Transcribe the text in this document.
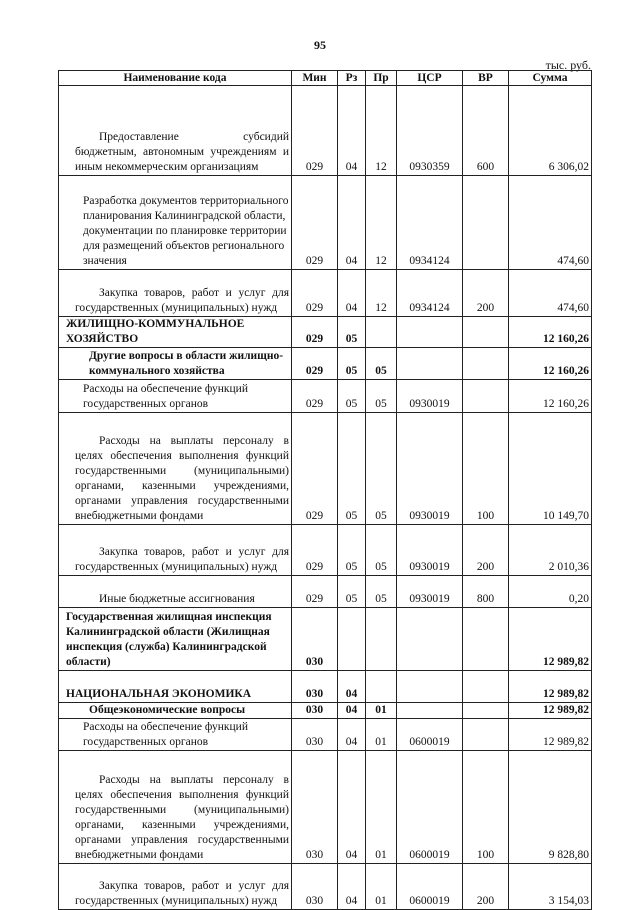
95
тыс. руб.
Наименование кода	Мин	Рз	Пр	ЦСР	ВР	Сумма

Предоставление субсидий бюджетным, автономным учреждениям и иным некоммерческим организациям	029	04	12	0930359	600	6 306,02

Разработка документов территориального планирования Калининградской области, документации по планировке территории для размещений объектов регионального значения	029	04	12	0934124		474,60

Закупка товаров, работ и услуг для государственных (муниципальных) нужд	029	04	12	0934124	200	474,60

ЖИЛИЩНО-КОММУНАЛЬНОЕ ХОЗЯЙСТВО	029	05				12 160,26

Другие вопросы в области жилищно-коммунального хозяйства	029	05	05			12 160,26

Расходы на обеспечение функций государственных органов	029	05	05	0930019		12 160,26

Расходы на выплаты персоналу в целях обеспечения выполнения функций государственными (муниципальными) органами, казенными учреждениями, органами управления государственными внебюджетными фондами	029	05	05	0930019	100	10 149,70

Закупка товаров, работ и услуг для государственных (муниципальных) нужд	029	05	05	0930019	200	2 010,36

Иные бюджетные ассигнования	029	05	05	0930019	800	0,20

Государственная жилищная инспекция Калининградской области (Жилищная инспекция (служба) Калининградской области)	030					12 989,82

НАЦИОНАЛЬНАЯ ЭКОНОМИКА	030	04				12 989,82

Общеэкономические вопросы	030	04	01			12 989,82

Расходы на обеспечение функций государственных органов	030	04	01	0600019		12 989,82

Расходы на выплаты персоналу в целях обеспечения выполнения функций государственными (муниципальными) органами, казенными учреждениями, органами управления государственными внебюджетными фондами	030	04	01	0600019	100	9 828,80

Закупка товаров, работ и услуг для государственных (муниципальных) нужд	030	04	01	0600019	200	3 154,03
